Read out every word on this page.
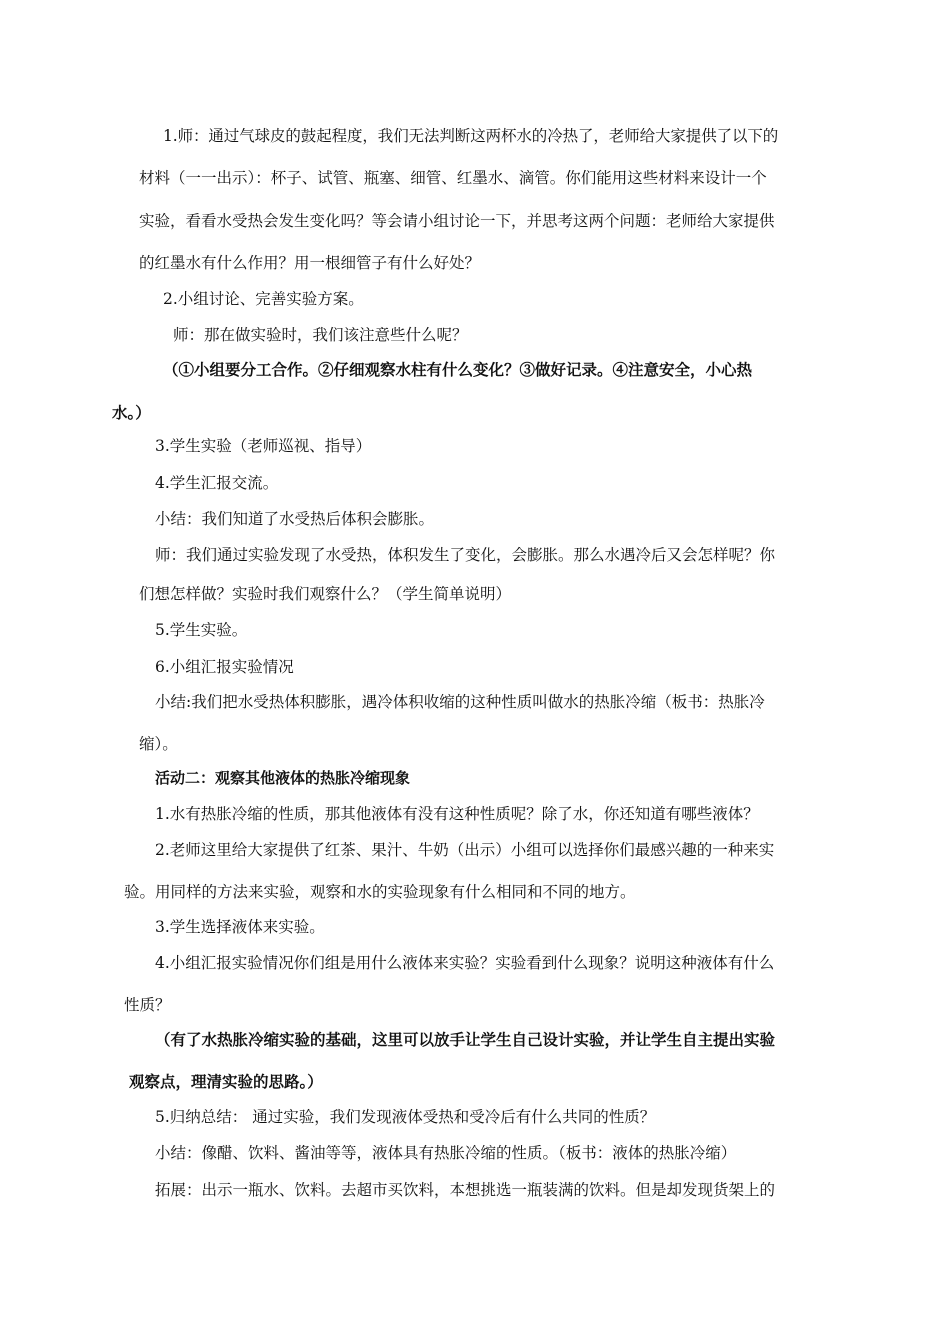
1.师：通过气球皮的鼓起程度，我们无法判断这两杯水的冷热了，老师给大家提供了以下的
材料（一一出示）：杯子、试管、瓶塞、细管、红墨水、滴管。你们能用这些材料来设计一个
实验，看看水受热会发生变化吗？等会请小组讨论一下，并思考这两个问题：老师给大家提供
的红墨水有什么作用？用一根细管子有什么好处？
2.小组讨论、完善实验方案。
师：那在做实验时，我们该注意些什么呢？
（①小组要分工合作。②仔细观察水柱有什么变化？③做好记录。④注意安全，小心热
水。）
3.学生实验（老师巡视、指导）
4.学生汇报交流。
小结：我们知道了水受热后体积会膨胀。
师：我们通过实验发现了水受热，体积发生了变化，会膨胀。那么水遇冷后又会怎样呢？你
们想怎样做？实验时我们观察什么？（学生简单说明）
5.学生实验。
6.小组汇报实验情况
小结:我们把水受热体积膨胀，遇冷体积收缩的这种性质叫做水的热胀冷缩（板书：热胀冷
缩）。
活动二：观察其他液体的热胀冷缩现象
1.水有热胀冷缩的性质，那其他液体有没有这种性质呢？除了水，你还知道有哪些液体？
2.老师这里给大家提供了红茶、果汁、牛奶（出示）小组可以选择你们最感兴趣的一种来实
验。用同样的方法来实验，观察和水的实验现象有什么相同和不同的地方。
3.学生选择液体来实验。
4.小组汇报实验情况你们组是用什么液体来实验？实验看到什么现象？说明这种液体有什么
性质？
（有了水热胀冷缩实验的基础，这里可以放手让学生自己设计实验，并让学生自主提出实验
观察点，理清实验的思路。）
5.归纳总结： 通过实验，我们发现液体受热和受冷后有什么共同的性质？
小结：像醋、饮料、酱油等等，液体具有热胀冷缩的性质。（板书：液体的热胀冷缩）
拓展：出示一瓶水、饮料。去超市买饮料，本想挑选一瓶装满的饮料。但是却发现货架上的
